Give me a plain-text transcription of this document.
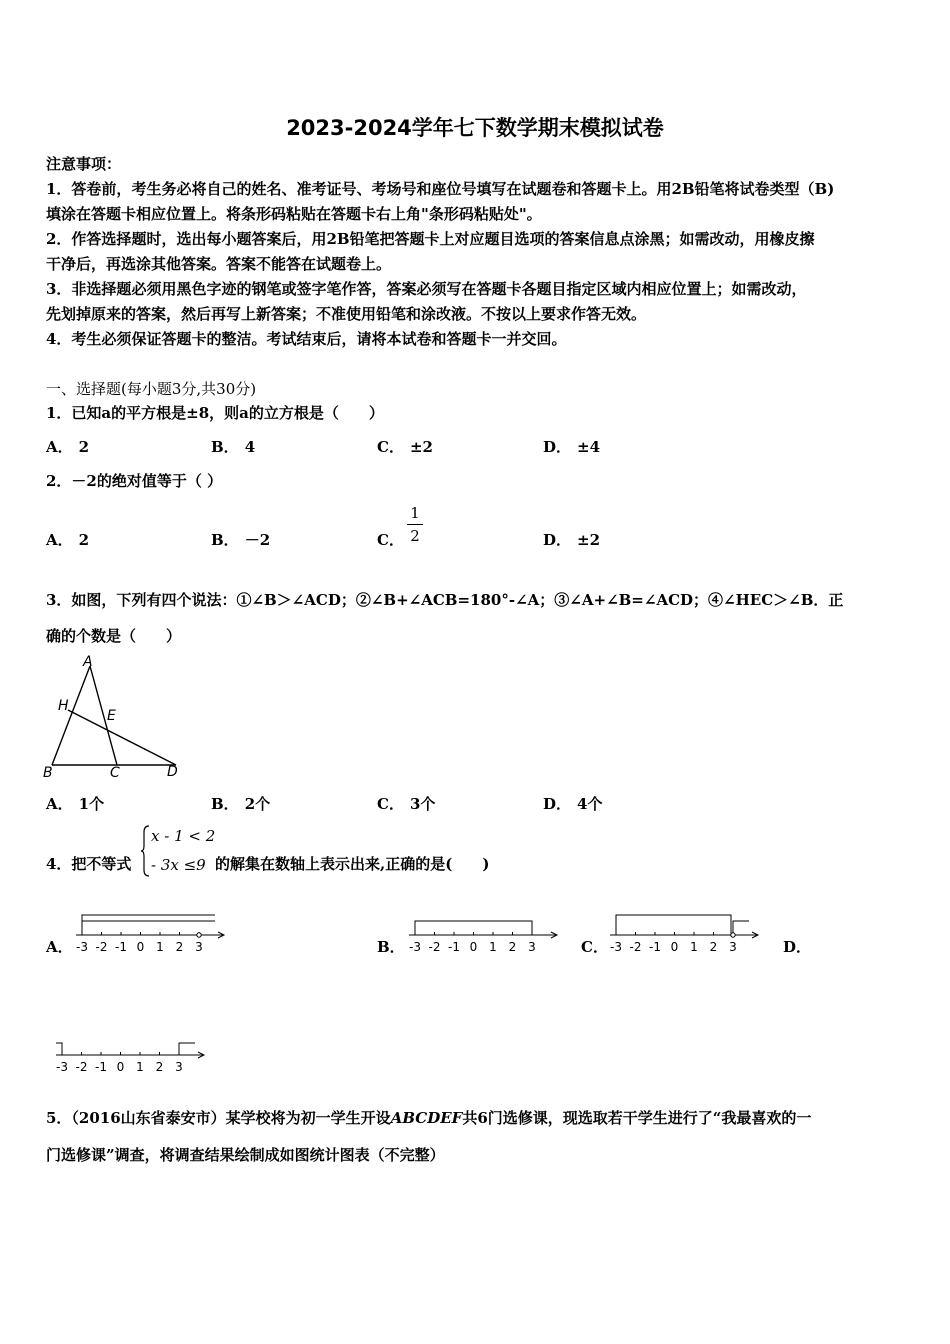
2023-2024学年七下数学期末模拟试卷
注意事项：
1．答卷前，考生务必将自己的姓名、准考证号、考场号和座位号填写在试题卷和答题卡上。用2B铅笔将试卷类型（B)
填涂在答题卡相应位置上。将条形码粘贴在答题卡右上角"条形码粘贴处"。
2．作答选择题时，选出每小题答案后，用2B铅笔把答题卡上对应题目选项的答案信息点涂黑；如需改动，用橡皮擦
干净后，再选涂其他答案。答案不能答在试题卷上。
3．非选择题必须用黑色字迹的钢笔或签字笔作答，答案必须写在答题卡各题目指定区域内相应位置上；如需改动，
先划掉原来的答案，然后再写上新答案；不准使用铅笔和涂改液。不按以上要求作答无效。
4．考生必须保证答题卡的整洁。考试结束后，请将本试卷和答题卡一并交回。
一、选择题(每小题3分,共30分)
1．已知a的平方根是±8，则a的立方根是（　　）
A． 2	B． 4	C． ±2	D． ±4
2．－2的绝对值等于（ ）
A． 2	B． －2	C．
1
2	D． ±2
3．如图，下列有四个说法：①∠B＞∠ACD；②∠B+∠ACB=180°-∠A；③∠A+∠B=∠ACD；④∠HEC＞∠B．正
确的个数是（　　）
A
H
E
B	C	D
A． 1个	B． 2个	C． 3个	D． 4个
4．把不等式
x - 1 < 2
- 3x ≤9 的解集在数轴上表示出来,正确的是(　　)
A． -3 -2 -1 0 1 2 3	B． -3 -2 -1 0 1 2 3	C． -3 -2 -1 0 1 2 3	D．
-3 -2 -1 0 1 2 3
5．（2016山东省泰安市）某学校将为初一学生开设ABCDEF共6门选修课，现选取若干学生进行了“我最喜欢的一
门选修课”调查，将调查结果绘制成如图统计图表（不完整）
